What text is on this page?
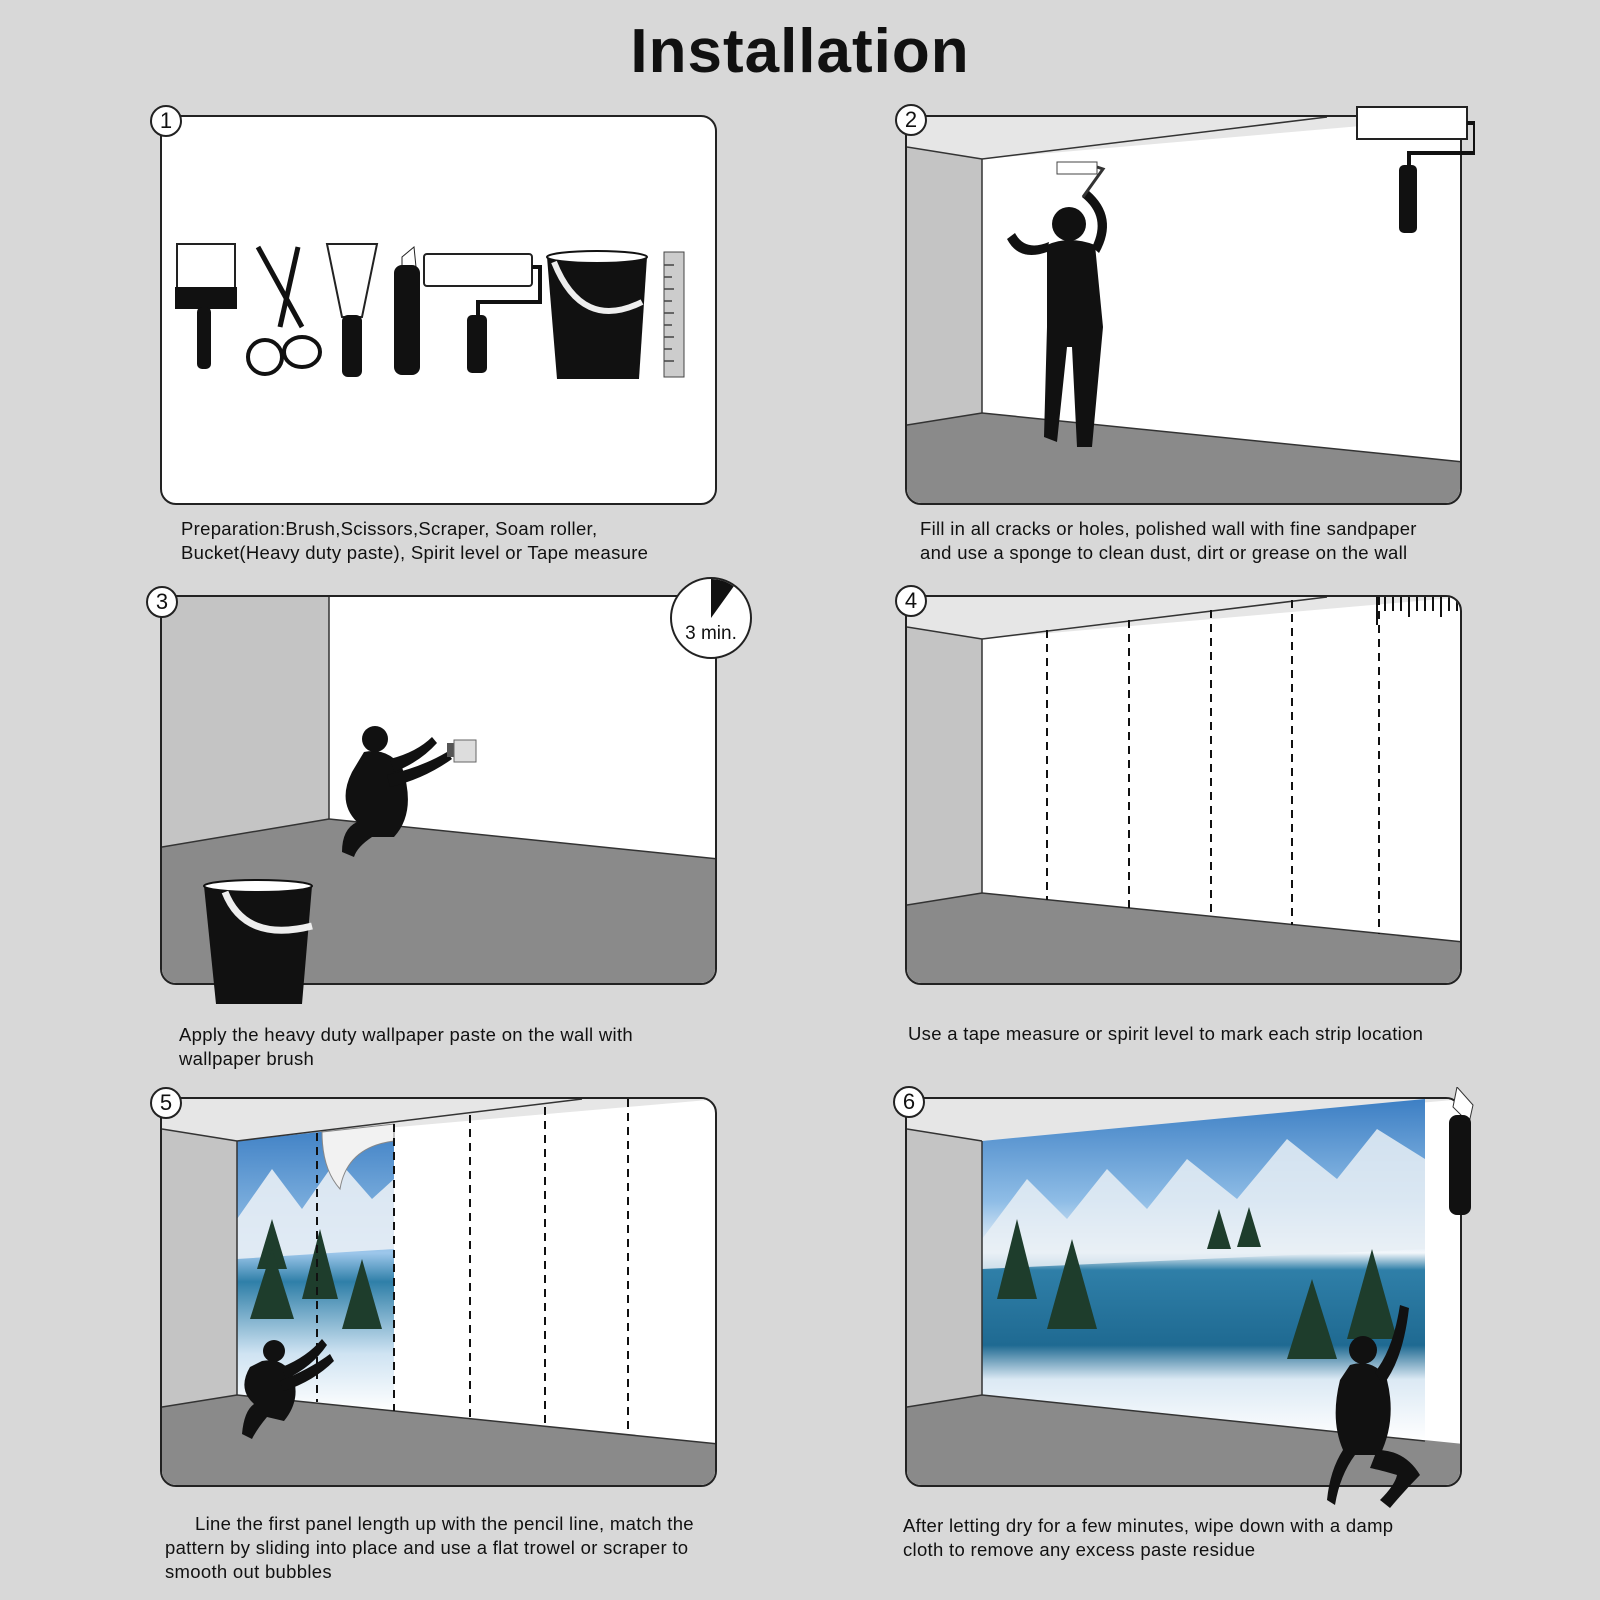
Installation
1
Preparation:Brush,Scissors,Scraper, Soam roller,
Bucket(Heavy duty paste), Spirit level or Tape measure
2
Fill in all cracks or holes, polished wall with fine sandpaper
and use a sponge to clean dust, dirt or grease on the wall
3
3 min.
Apply the heavy duty wallpaper paste on the wall with
wallpaper brush
4
Use a tape measure or spirit level to mark each strip location
5
Line the first panel length up with the pencil line, match the
pattern by sliding into place and use a flat trowel or scraper to
smooth out bubbles
6
After letting dry for a few minutes, wipe down with a damp
cloth to remove any excess paste residue
